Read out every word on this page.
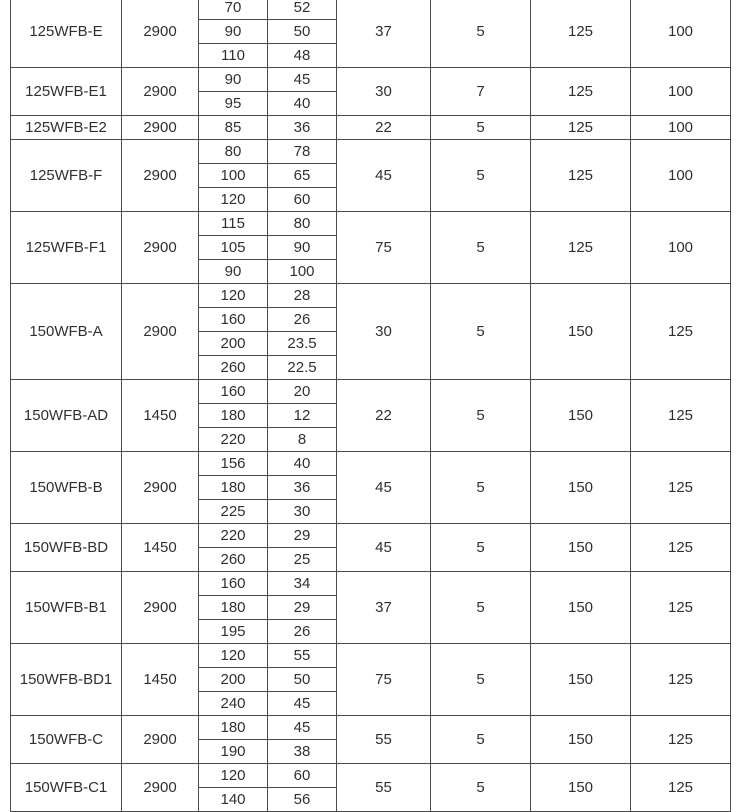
125WFB-E	2900	70	52	37	5	125	100
		90	50				
		110	48				
125WFB-E1	2900	90	45	30	7	125	100
		95	40				
125WFB-E2	2900	85	36	22	5	125	100
125WFB-F	2900	80	78	45	5	125	100
		100	65				
		120	60				
125WFB-F1	2900	115	80	75	5	125	100
		105	90				
		90	100				
150WFB-A	2900	120	28	30	5	150	125
		160	26				
		200	23.5				
		260	22.5				
150WFB-AD	1450	160	20	22	5	150	125
		180	12				
		220	8				
150WFB-B	2900	156	40	45	5	150	125
		180	36				
		225	30				
150WFB-BD	1450	220	29	45	5	150	125
		260	25				
150WFB-B1	2900	160	34	37	5	150	125
		180	29				
		195	26				
150WFB-BD1	1450	120	55	75	5	150	125
		200	50				
		240	45				
150WFB-C	2900	180	45	55	5	150	125
		190	38				
150WFB-C1	2900	120	60	55	5	150	125
		140	56				
